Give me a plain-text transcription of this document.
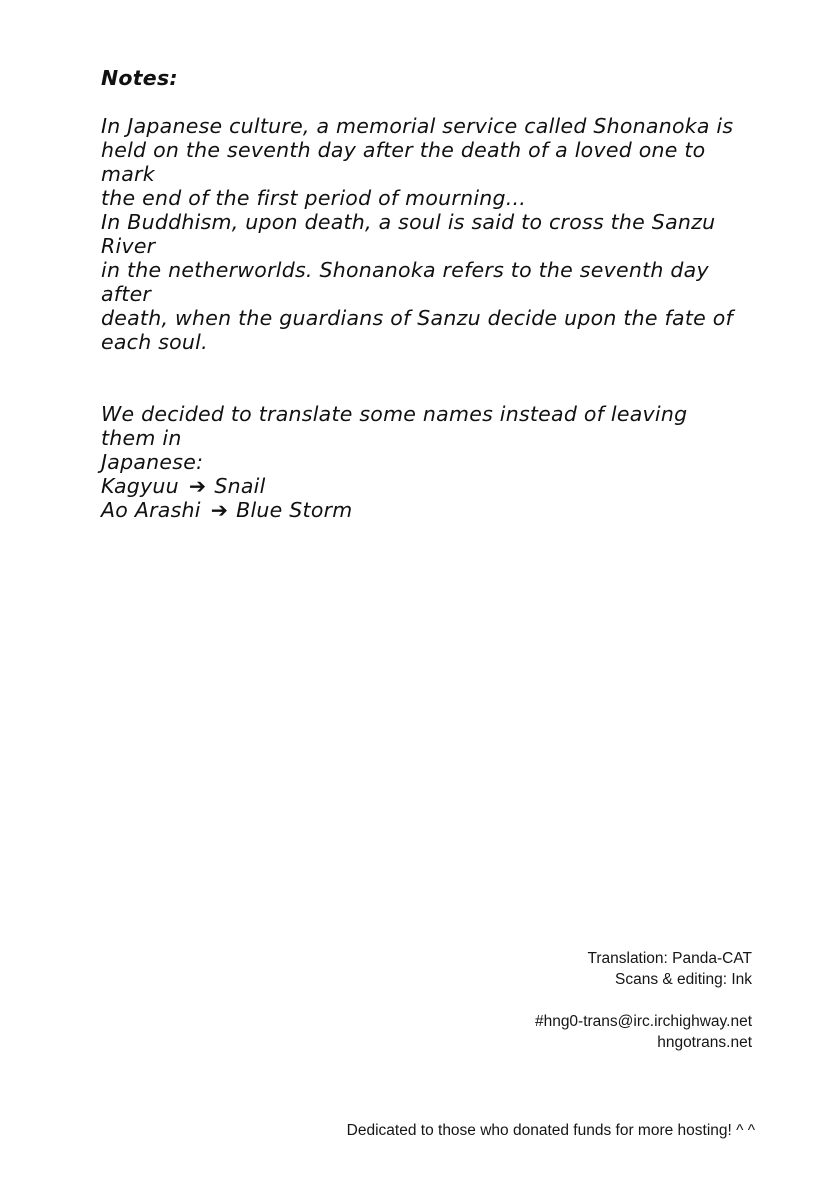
Notes:

In Japanese culture, a memorial service called Shonanoka is

held on the seventh day after the death of a loved one to mark

the end of the first period of mourning...

In Buddhism, upon death, a soul is said to cross the Sanzu River

in the netherworlds. Shonanoka refers to the seventh day after

death, when the guardians of Sanzu decide upon the fate of

each soul.

We decided to translate some names instead of leaving them in

Japanese:

Kagyuu ➔ Snail

Ao Arashi ➔ Blue Storm

Translation: Panda-CAT
Scans & editing: Ink
#hng0-trans@irc.irchighway.net
hngotrans.net
Dedicated to those who donated funds for more hosting! ^ ^
